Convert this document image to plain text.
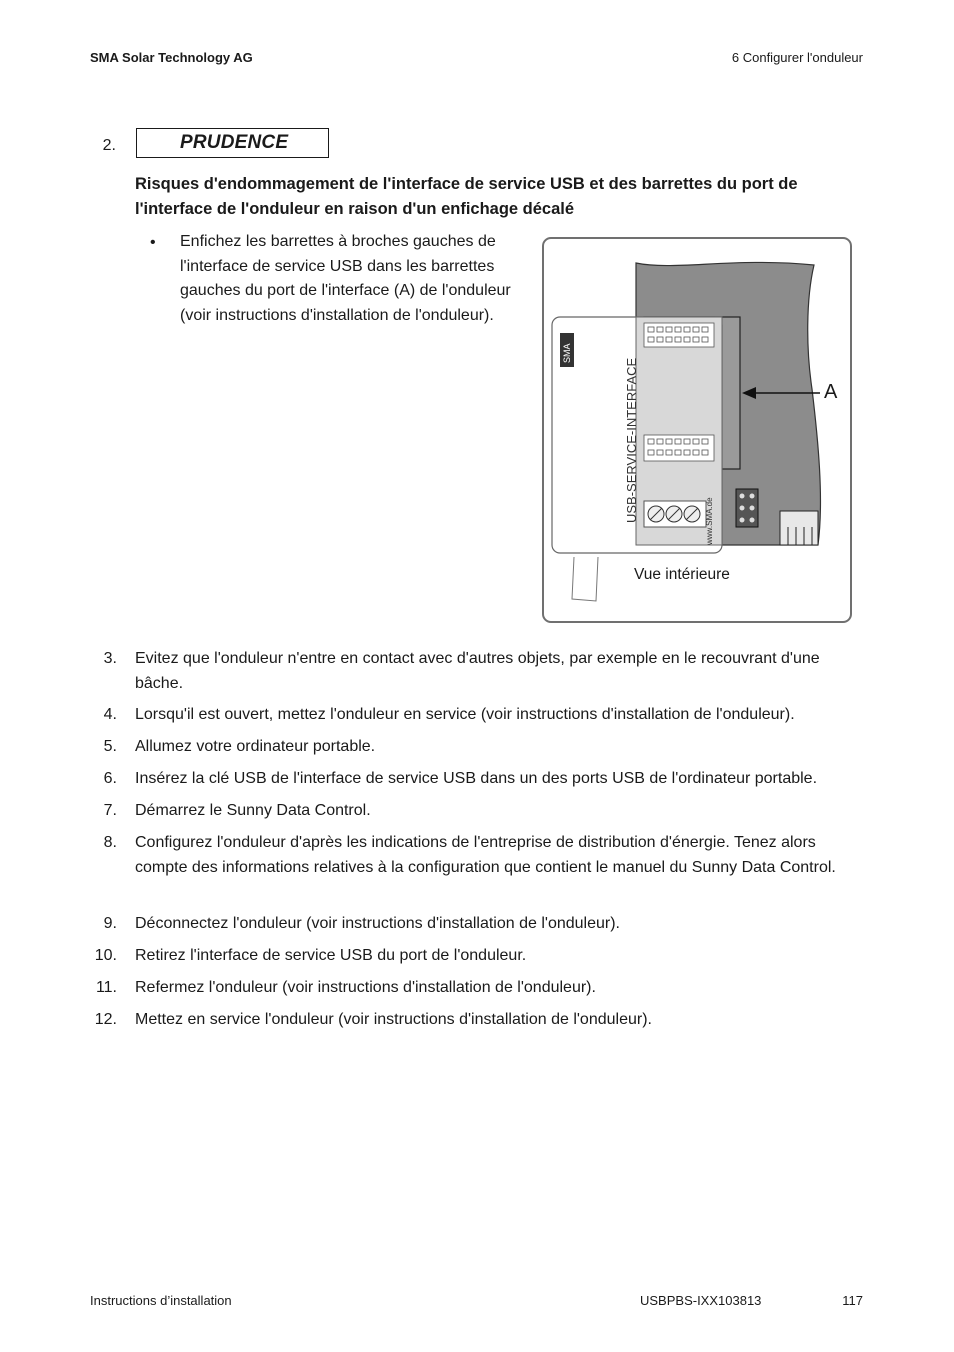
SMA Solar Technology AG	6 Configurer l'onduleur
2.	PRUDENCE
Risques d'endommagement de l'interface de service USB et des barrettes du port de l'interface de l'onduleur en raison d'un enfichage décalé
• Enfichez les barrettes à broches gauches de l'interface de service USB dans les barrettes gauches du port de l'interface (A) de l'onduleur (voir instructions d'installation de l'onduleur).
SMA
USB-SERVICE-INTERFACE	www.SMA.de
A
Vue intérieure
3. Evitez que l'onduleur n'entre en contact avec d'autres objets, par exemple en le recouvrant d'une bâche.
4. Lorsqu'il est ouvert, mettez l'onduleur en service (voir instructions d'installation de l'onduleur).
5. Allumez votre ordinateur portable.
6. Insérez la clé USB de l'interface de service USB dans un des ports USB de l'ordinateur portable.
7. Démarrez le Sunny Data Control.
8. Configurez l'onduleur d'après les indications de l'entreprise de distribution d'énergie. Tenez alors compte des informations relatives à la configuration que contient le manuel du Sunny Data Control.
9. Déconnectez l'onduleur (voir instructions d'installation de l'onduleur).
10. Retirez l'interface de service USB du port de l'onduleur.
11. Refermez l'onduleur (voir instructions d'installation de l'onduleur).
12. Mettez en service l'onduleur (voir instructions d'installation de l'onduleur).
Instructions d’installation	USBPBS-IXX103813	117
